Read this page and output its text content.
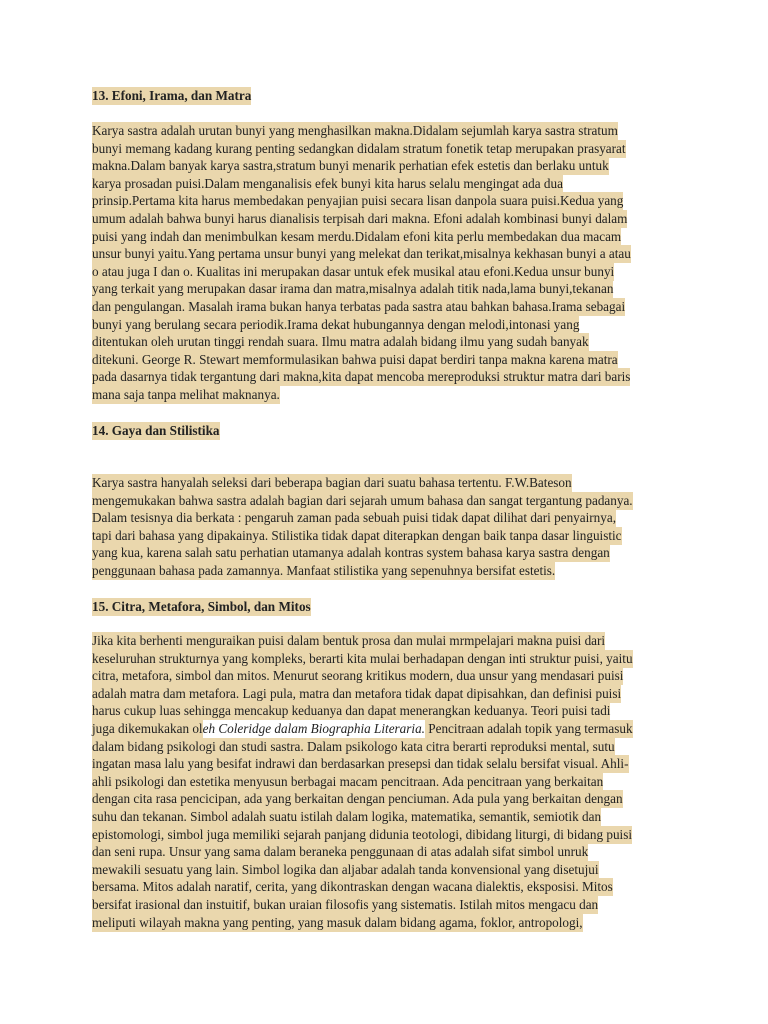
13. Efoni, Irama, dan Matra
Karya sastra adalah urutan bunyi yang menghasilkan makna.Didalam sejumlah karya sastra stratum
bunyi memang kadang kurang penting sedangkan didalam stratum fonetik tetap merupakan prasyarat
makna.Dalam banyak karya sastra,stratum bunyi menarik perhatian efek estetis dan berlaku untuk
karya prosadan puisi.Dalam menganalisis efek bunyi kita harus selalu mengingat ada dua
prinsip.Pertama kita harus membedakan penyajian puisi secara lisan danpola suara puisi.Kedua yang
umum adalah bahwa bunyi harus dianalisis terpisah dari makna. Efoni adalah kombinasi bunyi dalam
puisi yang indah dan menimbulkan kesam merdu.Didalam efoni kita perlu membedakan dua macam
unsur bunyi yaitu.Yang pertama unsur bunyi yang melekat dan terikat,misalnya kekhasan bunyi a atau
o atau juga I dan o. Kualitas ini merupakan dasar untuk efek musikal atau efoni.Kedua unsur bunyi
yang terkait yang merupakan dasar irama dan matra,misalnya adalah titik nada,lama bunyi,tekanan
dan pengulangan. Masalah irama bukan hanya terbatas pada sastra atau bahkan bahasa.Irama sebagai
bunyi yang berulang secara periodik.Irama dekat hubungannya dengan melodi,intonasi yang
ditentukan oleh urutan tinggi rendah suara. Ilmu matra adalah bidang ilmu yang sudah banyak
ditekuni. George R. Stewart memformulasikan bahwa puisi dapat berdiri tanpa makna karena matra
pada dasarnya tidak tergantung dari makna,kita dapat mencoba mereproduksi struktur matra dari baris
mana saja tanpa melihat maknanya.
14. Gaya dan Stilistika
Karya sastra hanyalah seleksi dari beberapa bagian dari suatu bahasa tertentu. F.W.Bateson
mengemukakan bahwa sastra adalah bagian dari sejarah umum bahasa dan sangat tergantung padanya.
Dalam tesisnya dia berkata : pengaruh zaman pada sebuah puisi tidak dapat dilihat dari penyairnya,
tapi dari bahasa yang dipakainya. Stilistika tidak dapat diterapkan dengan baik tanpa dasar linguistic
yang kua, karena salah satu perhatian utamanya adalah kontras system bahasa karya sastra dengan
penggunaan bahasa pada zamannya. Manfaat stilistika yang sepenuhnya bersifat estetis.
15. Citra, Metafora, Simbol, dan Mitos
Jika kita berhenti menguraikan puisi dalam bentuk prosa dan mulai mrmpelajari makna puisi dari
keseluruhan strukturnya yang kompleks, berarti kita mulai berhadapan dengan inti struktur puisi, yaitu
citra, metafora, simbol dan mitos. Menurut seorang kritikus modern, dua unsur yang mendasari puisi
adalah matra dam metafora. Lagi pula, matra dan metafora tidak dapat dipisahkan, dan definisi puisi
harus cukup luas sehingga mencakup keduanya dan dapat menerangkan keduanya. Teori puisi tadi
juga dikemukakan oleh Coleridge dalam Biographia Literaria. Pencitraan adalah topik yang termasuk
dalam bidang psikologi dan studi sastra. Dalam psikologo kata citra berarti reproduksi mental, sutu
ingatan masa lalu yang besifat indrawi dan berdasarkan presepsi dan tidak selalu bersifat visual. Ahli-
ahli psikologi dan estetika menyusun berbagai macam pencitraan. Ada pencitraan yang berkaitan
dengan cita rasa pencicipan, ada yang berkaitan dengan penciuman. Ada pula yang berkaitan dengan
suhu dan tekanan. Simbol adalah suatu istilah dalam logika, matematika, semantik, semiotik dan
epistomologi, simbol juga memiliki sejarah panjang didunia teotologi, dibidang liturgi, di bidang puisi
dan seni rupa. Unsur yang sama dalam beraneka penggunaan di atas adalah sifat simbol unruk
mewakili sesuatu yang lain. Simbol logika dan aljabar adalah tanda konvensional yang disetujui
bersama. Mitos adalah naratif, cerita, yang dikontraskan dengan wacana dialektis, eksposisi. Mitos
bersifat irasional dan instuitif, bukan uraian filosofis yang sistematis. Istilah mitos mengacu dan
meliputi wilayah makna yang penting, yang masuk dalam bidang agama, foklor, antropologi,
